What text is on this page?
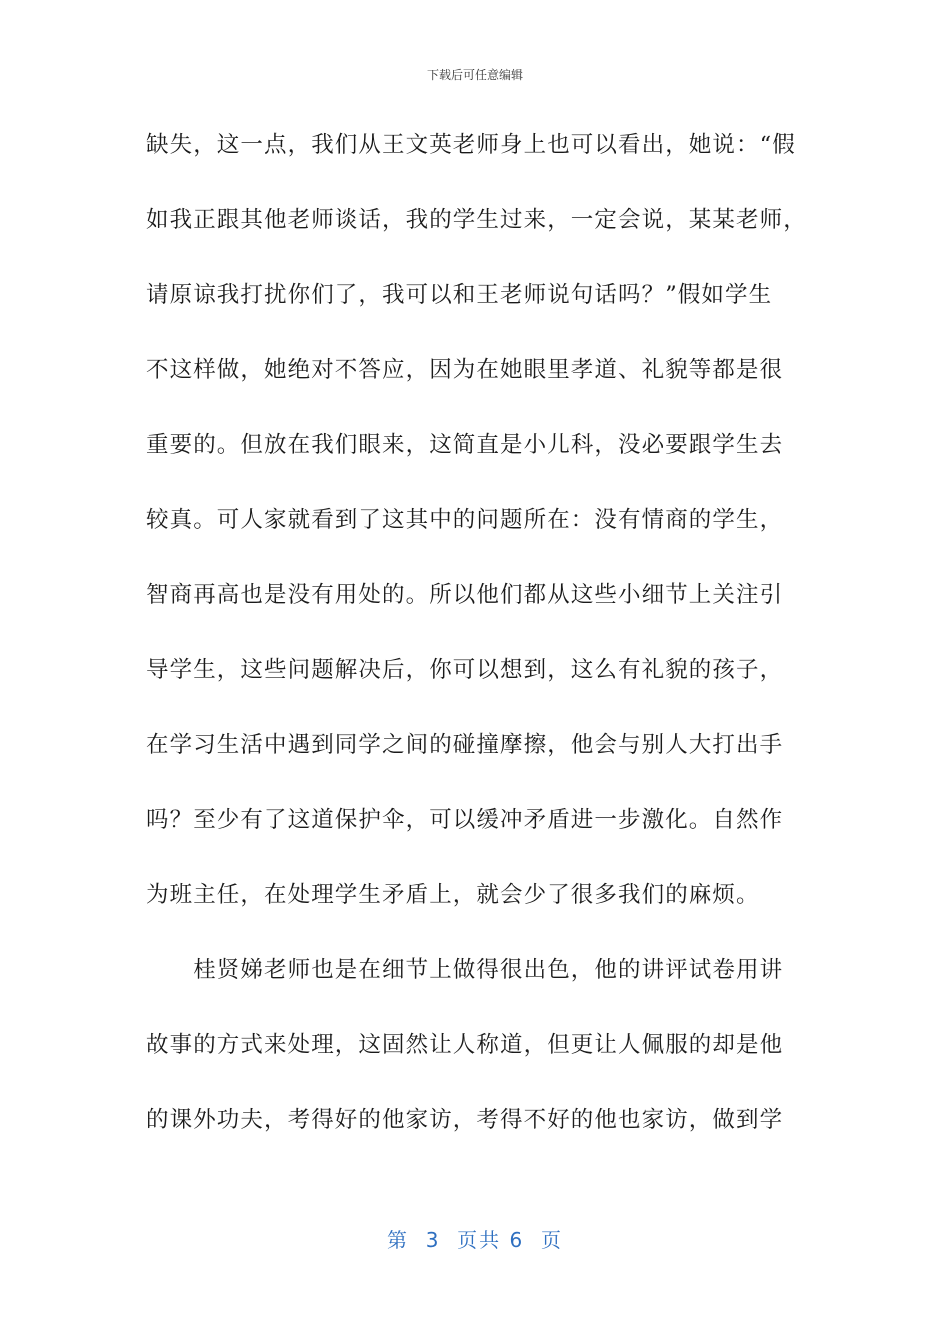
下载后可任意编辑
缺失，这一点，我们从王文英老师身上也可以看出，她说：“假
如我正跟其他老师谈话，我的学生过来，一定会说，某某老师，
请原谅我打扰你们了，我可以和王老师说句话吗？”假如学生
不这样做，她绝对不答应，因为在她眼里孝道、礼貌等都是很
重要的。但放在我们眼来，这简直是小儿科，没必要跟学生去
较真。可人家就看到了这其中的问题所在：没有情商的学生，
智商再高也是没有用处的。所以他们都从这些小细节上关注引
导学生，这些问题解决后，你可以想到，这么有礼貌的孩子，
在学习生活中遇到同学之间的碰撞摩擦，他会与别人大打出手
吗？至少有了这道保护伞，可以缓冲矛盾进一步激化。自然作
为班主任，在处理学生矛盾上，就会少了很多我们的麻烦。
　　桂贤娣老师也是在细节上做得很出色，他的讲评试卷用讲
故事的方式来处理，这固然让人称道，但更让人佩服的却是他
的课外功夫，考得好的他家访，考得不好的他也家访，做到学
第  3  页共 6  页
